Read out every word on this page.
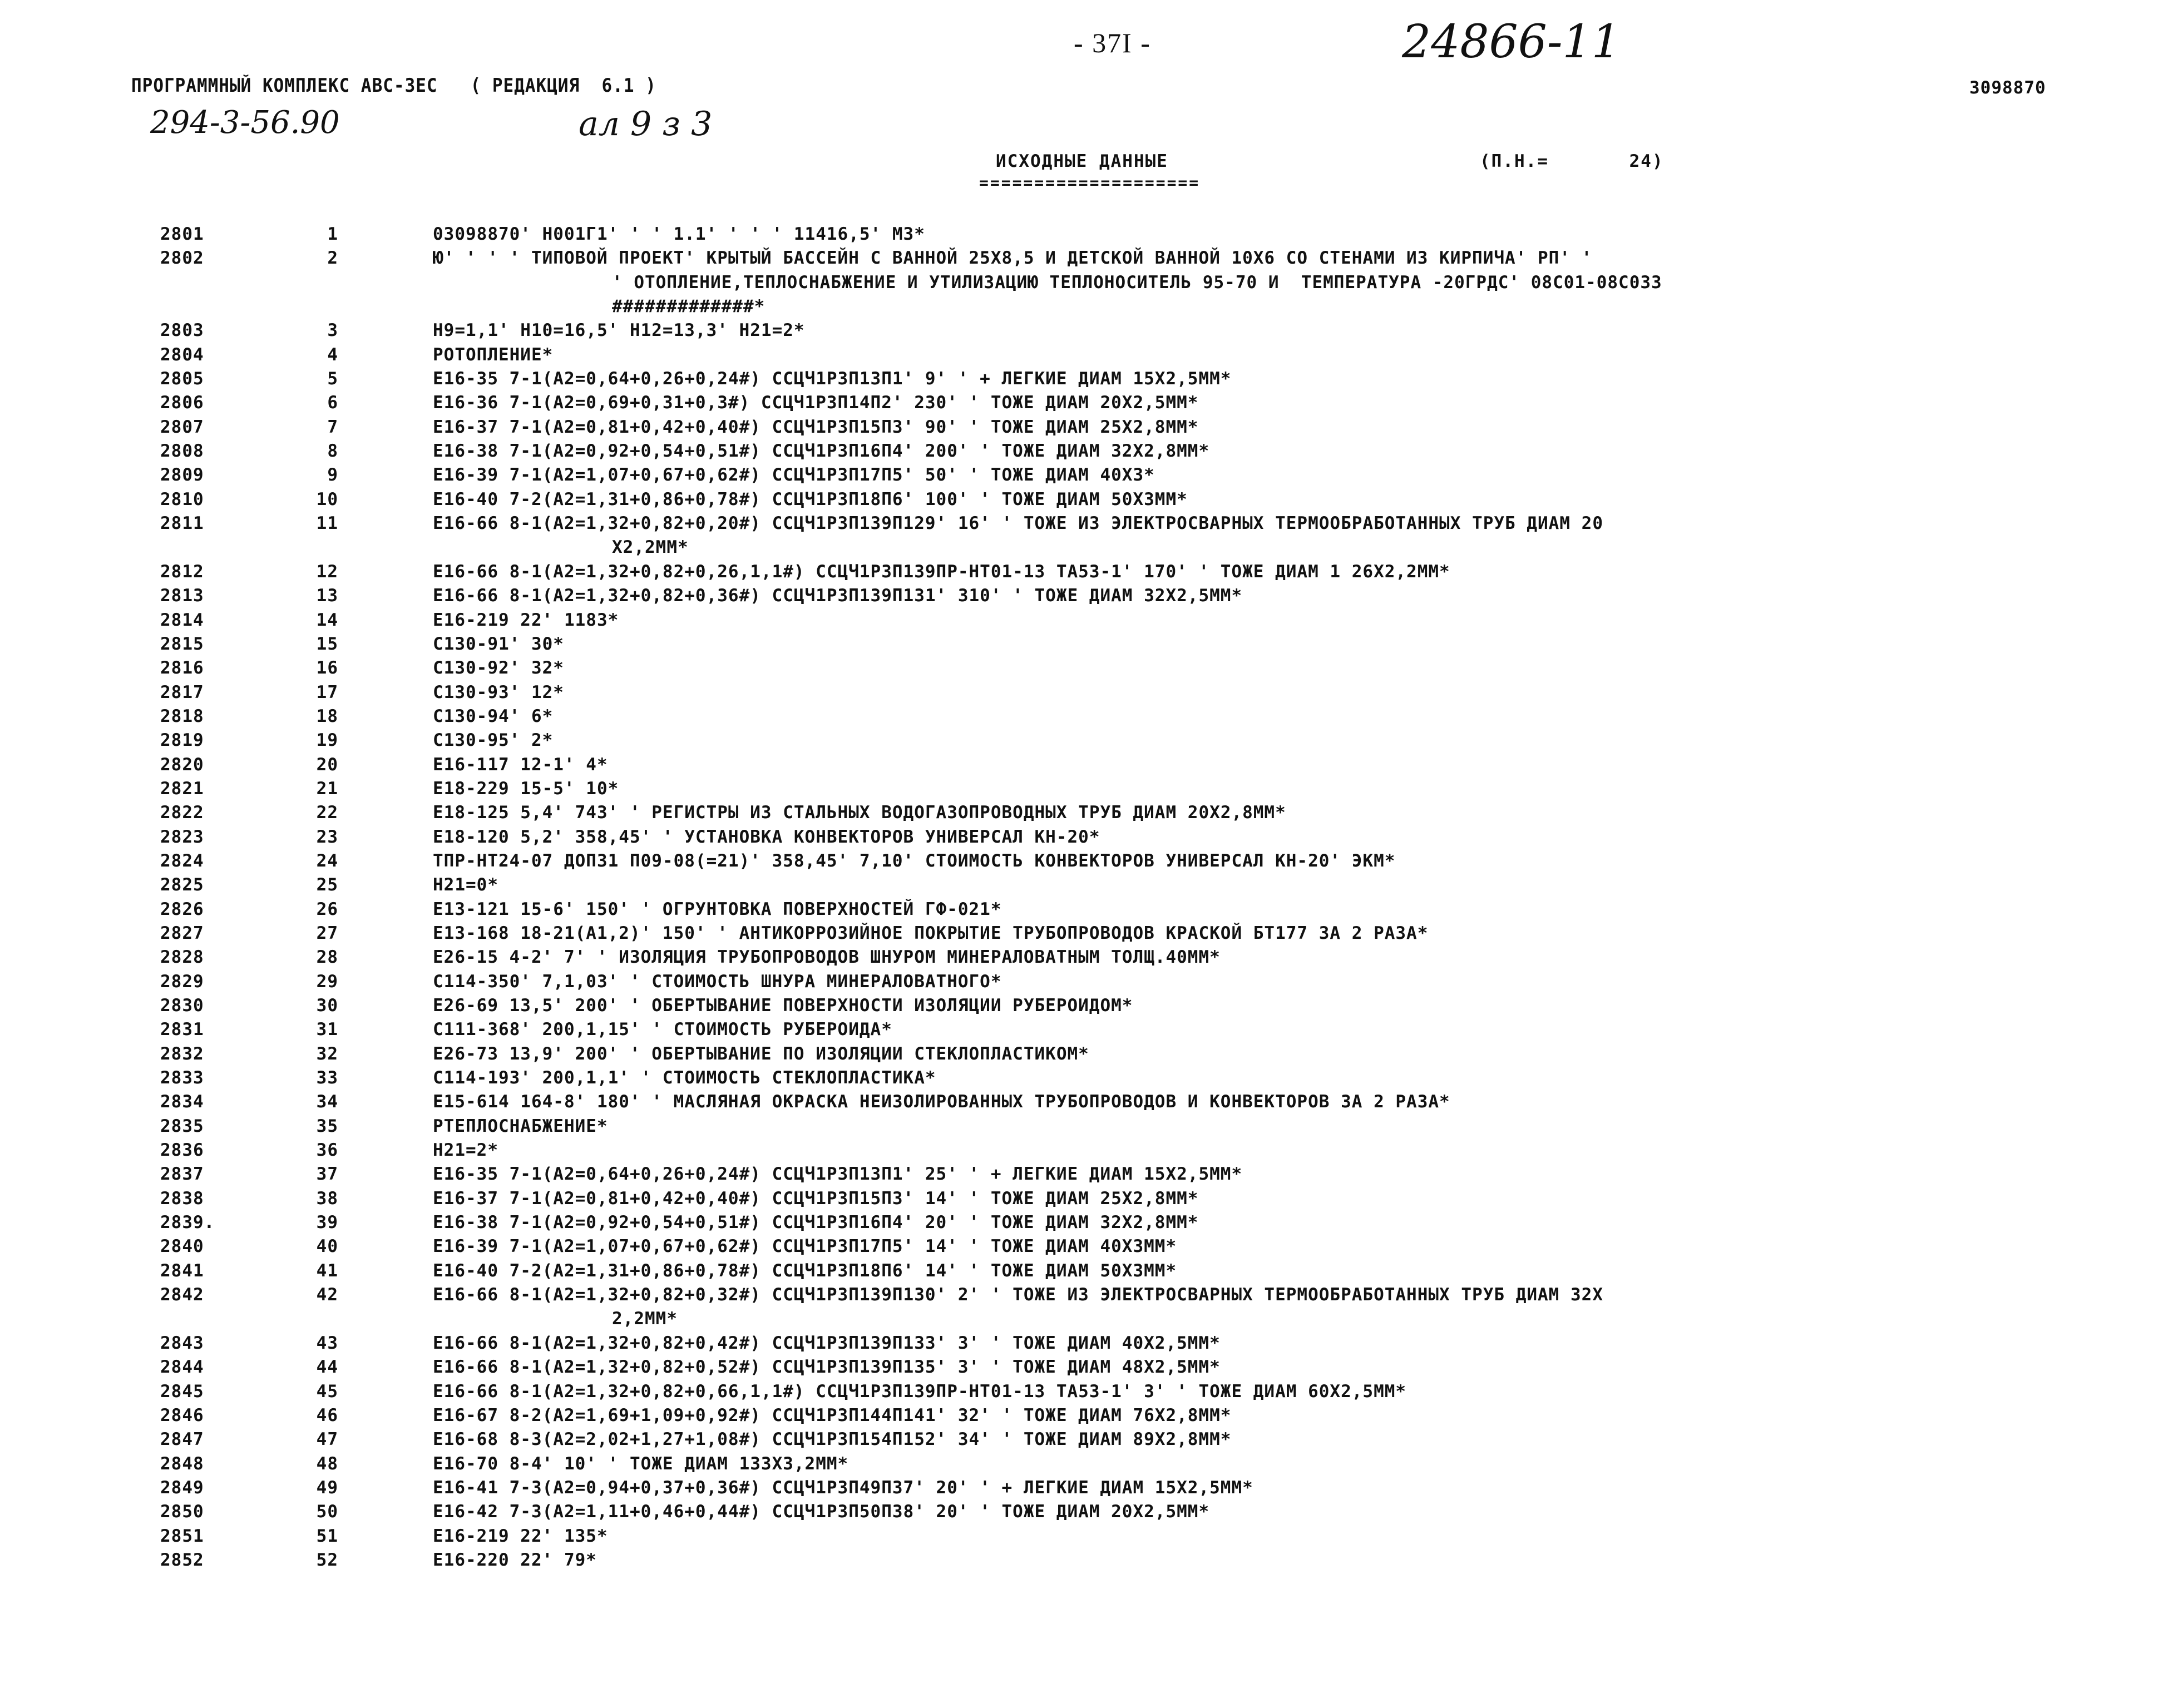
- 37I -	24866-11
ПРОГРАММНЫЙ КОМПЛЕКС АВС-3ЕС   ( РЕДАКЦИЯ  6.1 )	3098870
294-3-56.90	ал 9 з 3
ИСХОДНЫЕ ДАННЫЕ	(П.Н.=       24)
====================
2801	1	03098870' Н001Г1' ' ' 1.1' ' ' ' 11416,5' М3*
2802	2	Ю' ' ' ' ТИПОВОЙ ПРОЕКТ' КРЫТЫЙ БАССЕЙН С ВАННОЙ 25Х8,5 И ДЕТСКОЙ ВАННОЙ 10Х6 СО СТЕНАМИ ИЗ КИРПИЧА' РП' '
' ОТОПЛЕНИЕ,ТЕПЛОСНАБЖЕНИЕ И УТИЛИЗАЦИЮ ТЕПЛОНОСИТЕЛЬ 95-70 И  ТЕМПЕРАТУРА -20ГРДС' 08С01-08С033
#############*
2803	3	Н9=1,1' Н10=16,5' Н12=13,3' Н21=2*
2804	4	РОТОПЛЕНИЕ*
2805	5	Е16-35 7-1(А2=0,64+0,26+0,24#) ССЦЧ1Р3П13П1' 9' ' + ЛЕГКИЕ ДИАМ 15Х2,5ММ*
2806	6	Е16-36 7-1(А2=0,69+0,31+0,3#) ССЦЧ1Р3П14П2' 230' ' ТОЖЕ ДИАМ 20Х2,5ММ*
2807	7	Е16-37 7-1(А2=0,81+0,42+0,40#) ССЦЧ1Р3П15П3' 90' ' ТОЖЕ ДИАМ 25Х2,8ММ*
2808	8	Е16-38 7-1(А2=0,92+0,54+0,51#) ССЦЧ1Р3П16П4' 200' ' ТОЖЕ ДИАМ 32Х2,8ММ*
2809	9	Е16-39 7-1(А2=1,07+0,67+0,62#) ССЦЧ1Р3П17П5' 50' ' ТОЖЕ ДИАМ 40Х3*
2810	10	Е16-40 7-2(А2=1,31+0,86+0,78#) ССЦЧ1Р3П18П6' 100' ' ТОЖЕ ДИАМ 50Х3ММ*
2811	11	Е16-66 8-1(А2=1,32+0,82+0,20#) ССЦЧ1Р3П139П129' 16' ' ТОЖЕ ИЗ ЭЛЕКТРОСВАРНЫХ ТЕРМООБРАБОТАННЫХ ТРУБ ДИАМ 20
Х2,2ММ*
2812	12	Е16-66 8-1(А2=1,32+0,82+0,26,1,1#) ССЦЧ1Р3П139ПР-НТ01-13 ТА53-1' 170' ' ТОЖЕ ДИАМ 1 26Х2,2ММ*
2813	13	Е16-66 8-1(А2=1,32+0,82+0,36#) ССЦЧ1Р3П139П131' 310' ' ТОЖЕ ДИАМ 32Х2,5ММ*
2814	14	Е16-219 22' 1183*
2815	15	С130-91' 30*
2816	16	С130-92' 32*
2817	17	С130-93' 12*
2818	18	С130-94' 6*
2819	19	С130-95' 2*
2820	20	Е16-117 12-1' 4*
2821	21	Е18-229 15-5' 10*
2822	22	Е18-125 5,4' 743' ' РЕГИСТРЫ ИЗ СТАЛЬНЫХ ВОДОГАЗОПРОВОДНЫХ ТРУБ ДИАМ 20Х2,8ММ*
2823	23	Е18-120 5,2' 358,45' ' УСТАНОВКА КОНВЕКТОРОВ УНИВЕРСАЛ КН-20*
2824	24	ТПР-НТ24-07 ДОП31 П09-08(=21)' 358,45' 7,10' СТОИМОСТЬ КОНВЕКТОРОВ УНИВЕРСАЛ КН-20' ЭКМ*
2825	25	Н21=0*
2826	26	Е13-121 15-6' 150' ' ОГРУНТОВКА ПОВЕРХНОСТЕЙ ГФ-021*
2827	27	Е13-168 18-21(А1,2)' 150' ' АНТИКОРРОЗИЙНОЕ ПОКРЫТИЕ ТРУБОПРОВОДОВ КРАСКОЙ БТ177 ЗА 2 РАЗА*
2828	28	Е26-15 4-2' 7' ' ИЗОЛЯЦИЯ ТРУБОПРОВОДОВ ШНУРОМ МИНЕРАЛОВАТНЫМ ТОЛЩ.40ММ*
2829	29	С114-350' 7,1,03' ' СТОИМОСТЬ ШНУРА МИНЕРАЛОВАТНОГО*
2830	30	Е26-69 13,5' 200' ' ОБЕРТЫВАНИЕ ПОВЕРХНОСТИ ИЗОЛЯЦИИ РУБЕРОИДОМ*
2831	31	С111-368' 200,1,15' ' СТОИМОСТЬ РУБЕРОИДА*
2832	32	Е26-73 13,9' 200' ' ОБЕРТЫВАНИЕ ПО ИЗОЛЯЦИИ СТЕКЛОПЛАСТИКОМ*
2833	33	С114-193' 200,1,1' ' СТОИМОСТЬ СТЕКЛОПЛАСТИКА*
2834	34	Е15-614 164-8' 180' ' МАСЛЯНАЯ ОКРАСКА НЕИЗОЛИРОВАННЫХ ТРУБОПРОВОДОВ И КОНВЕКТОРОВ ЗА 2 РАЗА*
2835	35	РТЕПЛОСНАБЖЕНИЕ*
2836	36	Н21=2*
2837	37	Е16-35 7-1(А2=0,64+0,26+0,24#) ССЦЧ1Р3П13П1' 25' ' + ЛЕГКИЕ ДИАМ 15Х2,5ММ*
2838	38	Е16-37 7-1(А2=0,81+0,42+0,40#) ССЦЧ1Р3П15П3' 14' ' ТОЖЕ ДИАМ 25Х2,8ММ*
2839.	39	Е16-38 7-1(А2=0,92+0,54+0,51#) ССЦЧ1Р3П16П4' 20' ' ТОЖЕ ДИАМ 32Х2,8ММ*
2840	40	Е16-39 7-1(А2=1,07+0,67+0,62#) ССЦЧ1Р3П17П5' 14' ' ТОЖЕ ДИАМ 40Х3ММ*
2841	41	Е16-40 7-2(А2=1,31+0,86+0,78#) ССЦЧ1Р3П18П6' 14' ' ТОЖЕ ДИАМ 50Х3ММ*
2842	42	Е16-66 8-1(А2=1,32+0,82+0,32#) ССЦЧ1Р3П139П130' 2' ' ТОЖЕ ИЗ ЭЛЕКТРОСВАРНЫХ ТЕРМООБРАБОТАННЫХ ТРУБ ДИАМ 32Х
2,2ММ*
2843	43	Е16-66 8-1(А2=1,32+0,82+0,42#) ССЦЧ1Р3П139П133' 3' ' ТОЖЕ ДИАМ 40Х2,5ММ*
2844	44	Е16-66 8-1(А2=1,32+0,82+0,52#) ССЦЧ1Р3П139П135' 3' ' ТОЖЕ ДИАМ 48Х2,5ММ*
2845	45	Е16-66 8-1(А2=1,32+0,82+0,66,1,1#) ССЦЧ1Р3П139ПР-НТ01-13 ТА53-1' 3' ' ТОЖЕ ДИАМ 60Х2,5ММ*
2846	46	Е16-67 8-2(А2=1,69+1,09+0,92#) ССЦЧ1Р3П144П141' 32' ' ТОЖЕ ДИАМ 76Х2,8ММ*
2847	47	Е16-68 8-3(А2=2,02+1,27+1,08#) ССЦЧ1Р3П154П152' 34' ' ТОЖЕ ДИАМ 89Х2,8ММ*
2848	48	Е16-70 8-4' 10' ' ТОЖЕ ДИАМ 133Х3,2ММ*
2849	49	Е16-41 7-3(А2=0,94+0,37+0,36#) ССЦЧ1Р3П49П37' 20' ' + ЛЕГКИЕ ДИАМ 15Х2,5ММ*
2850	50	Е16-42 7-3(А2=1,11+0,46+0,44#) ССЦЧ1Р3П50П38' 20' ' ТОЖЕ ДИАМ 20Х2,5ММ*
2851	51	Е16-219 22' 135*
2852	52	Е16-220 22' 79*
